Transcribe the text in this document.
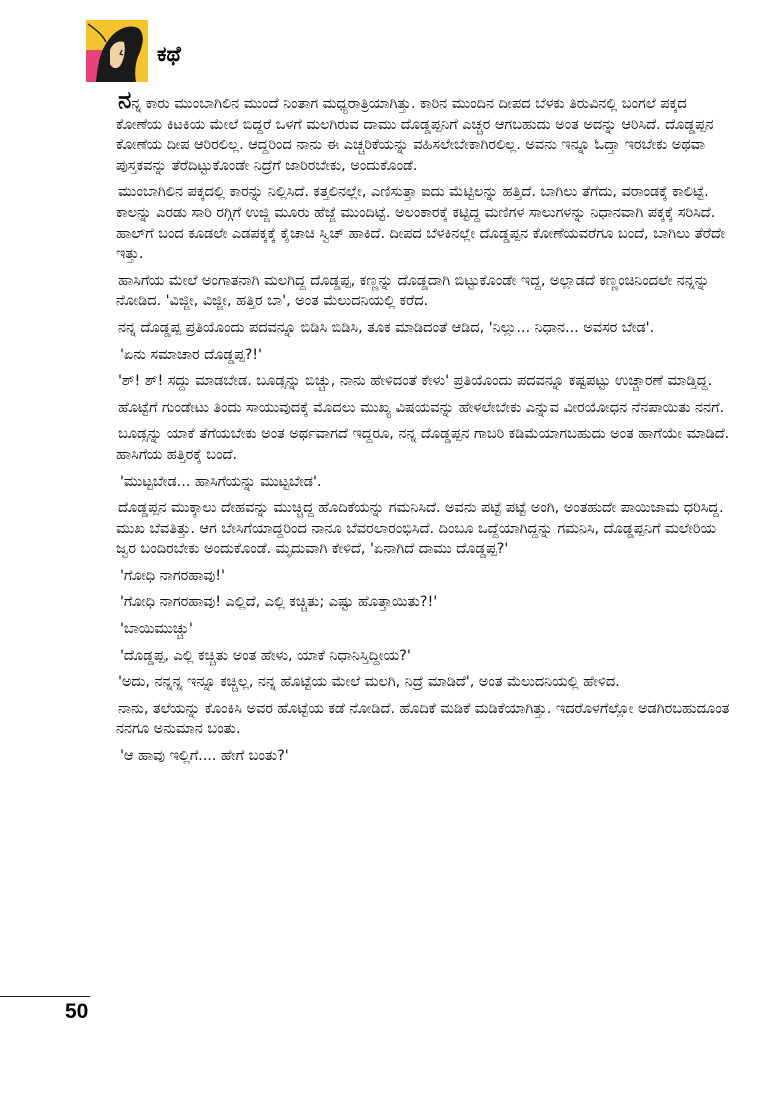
ಕಥೆ

ನನ್ನ ಕಾರು ಮುಂಬಾಗಿಲಿನ ಮುಂದೆ ನಿಂತಾಗ ಮಧ್ಯರಾತ್ರಿಯಾಗಿತ್ತು. ಕಾರಿನ ಮುಂದಿನ ದೀಪದ ಬೆಳಕು ತಿರುವಿನಲ್ಲಿ ಬಂಗಲೆ ಪಕ್ಕದ ಕೋಣೆಯ ಕಿಟಕಿಯ ಮೇಲೆ ಬಿದ್ದರೆ ಒಳಗೆ ಮಲಗಿರುವ ದಾಮು ದೊಡ್ಡಪ್ಪನಿಗೆ ಎಚ್ಚರ ಆಗಬಹುದು ಅಂತ ಅದನ್ನು ಆರಿಸಿದೆ. ದೊಡ್ಡಪ್ಪನ ಕೋಣೆಯ ದೀಪ ಆರಿರಲಿಲ್ಲ. ಆದ್ದರಿಂದ ನಾನು ಈ ಎಚ್ಚರಿಕೆಯನ್ನು ವಹಿಸಲೇಬೇಕಾಗಿರಲಿಲ್ಲ. ಅವನು ಇನ್ನೂ ಓದ್ತಾ ಇರಬೇಕು ಅಥವಾ ಪುಸ್ತಕವನ್ನು ತೆರೆದಿಟ್ಟುಕೊಂಡೇ ನಿದ್ರೆಗೆ ಜಾರಿರಬೇಕು, ಅಂದುಕೊಂಡೆ.

ಮುಂಬಾಗಿಲಿನ ಪಕ್ಕದಲ್ಲಿ ಕಾರನ್ನು ನಿಲ್ಲಿಸಿದೆ. ಕತ್ತಲಿನಲ್ಲೇ, ಎಣಿಸುತ್ತಾ ಐದು ಮೆಟ್ಟಿಲನ್ನು ಹತ್ತಿದೆ. ಬಾಗಿಲು ತೆಗೆದು, ವರಾಂಡಕ್ಕೆ ಕಾಲಿಟ್ಟೆ. ಕಾಲನ್ನು ಎರಡು ಸಾರಿ ರಗ್ಗಿಗೆ ಉಜ್ಜಿ ಮೂರು ಹೆಜ್ಜೆ ಮುಂದಿಟ್ಟೆ. ಅಲಂಕಾರಕ್ಕೆ ಕಟ್ಟಿದ್ದ ಮಣಿಗಳ ಸಾಲುಗಳನ್ನು ನಿಧಾನವಾಗಿ ಪಕ್ಕಕ್ಕೆ ಸರಿಸಿದೆ. ಹಾಲ್‌ಗೆ ಬಂದ ಕೂಡಲೇ ಎಡಪಕ್ಕಕ್ಕೆ ಕೈಚಾಚಿ ಸ್ವಿಚ್ ಹಾಕಿದೆ. ದೀಪದ ಬೆಳಕಿನಲ್ಲೇ ದೊಡ್ಡಪ್ಪನ ಕೋಣೆಯವರೆಗೂ ಬಂದೆ, ಬಾಗಿಲು ತೆರೆದೇ ಇತ್ತು.

ಹಾಸಿಗೆಯ ಮೇಲೆ ಅಂಗಾತನಾಗಿ ಮಲಗಿದ್ದ ದೊಡ್ಡಪ್ಪ, ಕಣ್ಣನ್ನು ದೊಡ್ಡದಾಗಿ ಬಿಟ್ಟುಕೊಂಡೇ ಇದ್ದ, ಅಲ್ಲಾಡದೆ ಕಣ್ಣಂಚಿನಿಂದಲೇ ನನ್ನನ್ನು ನೋಡಿದ. 'ವಿಜ್ಜೀ, ವಿಜ್ಜೀ, ಹತ್ತಿರ ಬಾ', ಅಂತ ಮೆಲುದನಿಯಲ್ಲಿ ಕರೆದ.

ನನ್ನ ದೊಡ್ಡಪ್ಪ ಪ್ರತಿಯೊಂದು ಪದವನ್ನೂ ಬಿಡಿಸಿ ಬಿಡಿಸಿ, ತೂಕ ಮಾಡಿದಂತೆ ಆಡಿದ, 'ನಿಲ್ಲು... ನಿಧಾನ... ಅವಸರ ಬೇಡ'.

'ಏನು ಸಮಾಚಾರ ದೊಡ್ಡಪ್ಪ?!'

'ಶ್! ಶ್! ಸದ್ದು ಮಾಡಬೇಡ. ಬೂಡ್ಸನ್ನು ಬಿಚ್ಚು, ನಾನು ಹೇಳಿದಂತೆ ಕೇಳು' ಪ್ರತಿಯೊಂದು ಪದವನ್ನೂ ಕಷ್ಟಪಟ್ಟು ಉಚ್ಚಾರಣೆ ಮಾಡ್ತಿದ್ದ.

ಹೊಟ್ಟೆಗೆ ಗುಂಡೇಟು ತಿಂದು ಸಾಯುವುದಕ್ಕೆ ಮೊದಲು ಮುಖ್ಯ ವಿಷಯವನ್ನು ಹೇಳಲೇಬೇಕು ಎನ್ನುವ ವೀರಯೋಧನ ನೆನಪಾಯಿತು ನನಗೆ.

ಬೂಡ್ಸನ್ನು ಯಾಕೆ ತೆಗೆಯಬೇಕು ಅಂತ ಅರ್ಥವಾಗದೆ ಇದ್ದರೂ, ನನ್ನ ದೊಡ್ಡಪ್ಪನ ಗಾಬರಿ ಕಡಿಮೆಯಾಗಬಹುದು ಅಂತ ಹಾಗೆಯೇ ಮಾಡಿದೆ. ಹಾಸಿಗೆಯ ಹತ್ತಿರಕ್ಕೆ ಬಂದೆ.

'ಮುಟ್ಟಬೇಡ... ಹಾಸಿಗೆಯನ್ನು ಮುಟ್ಟಬೇಡ'.

ದೊಡ್ಡಪ್ಪನ ಮುಕ್ಕಾಲು ದೇಹವನ್ನು ಮುಚ್ಚಿದ್ದ ಹೊದಿಕೆಯನ್ನು ಗಮನಿಸಿದೆ. ಅವನು ಪಟ್ಟೆ ಪಟ್ಟೆ ಅಂಗಿ, ಅಂತಹುದೇ ಪಾಯಿಜಾಮ ಧರಿಸಿದ್ದ. ಮುಖ ಬೆವತಿತ್ತು. ಆಗ ಬೇಸಿಗೆಯಾದ್ದರಿಂದ ನಾನೂ ಬೆವರಲಾರಂಭಿಸಿದೆ. ದಿಂಬೂ ಒದ್ದೆಯಾಗಿದ್ದನ್ನು ಗಮನಿಸಿ, ದೊಡ್ಡಪ್ಪನಿಗೆ ಮಲೇರಿಯ ಜ್ವರ ಬಂದಿರಬೇಕು ಅಂದುಕೊಂಡೆ. ಮೃದುವಾಗಿ ಕೇಳಿದೆ, 'ಏನಾಗಿದೆ ದಾಮು ದೊಡ್ಡಪ್ಪ?'

'ಗೋಧಿ ನಾಗರಹಾವು!'

'ಗೋಧಿ ನಾಗರಹಾವು! ಎಲ್ಲಿದೆ, ಎಲ್ಲಿ ಕಚ್ಚಿತು; ಎಷ್ಟು ಹೊತ್ತಾಯಿತು?!'

'ಬಾಯಿಮುಚ್ಚು'

'ದೊಡ್ಡಪ್ಪ, ಎಲ್ಲಿ ಕಚ್ಚಿತು ಅಂತ ಹೇಳು, ಯಾಕೆ ನಿಧಾನಿಸ್ತಿದ್ದೀಯ?'

'ಅದು, ನನ್ನನ್ನ ಇನ್ನೂ ಕಚ್ಚಿಲ್ಲ, ನನ್ನ ಹೊಟ್ಟೆಯ ಮೇಲೆ ಮಲಗಿ, ನಿದ್ರೆ ಮಾಡಿದೆ', ಅಂತ ಮೆಲುದನಿಯಲ್ಲಿ ಹೇಳಿದ.

ನಾನು, ತಲೆಯನ್ನು ಕೊಂಕಿಸಿ ಅವರ ಹೊಟ್ಟೆಯ ಕಡೆ ನೋಡಿದೆ. ಹೊದಿಕೆ ಮಡಿಕೆ ಮಡಿಕೆಯಾಗಿತ್ತು. ಇದರೊಳಗೆಲ್ಲೋ ಅಡಗಿರಬಹುದೂಂತ ನನಗೂ ಅನುಮಾನ ಬಂತು.

'ಆ ಹಾವು ಇಲ್ಲಿಗೆ.... ಹೇಗೆ ಬಂತು?'

50
